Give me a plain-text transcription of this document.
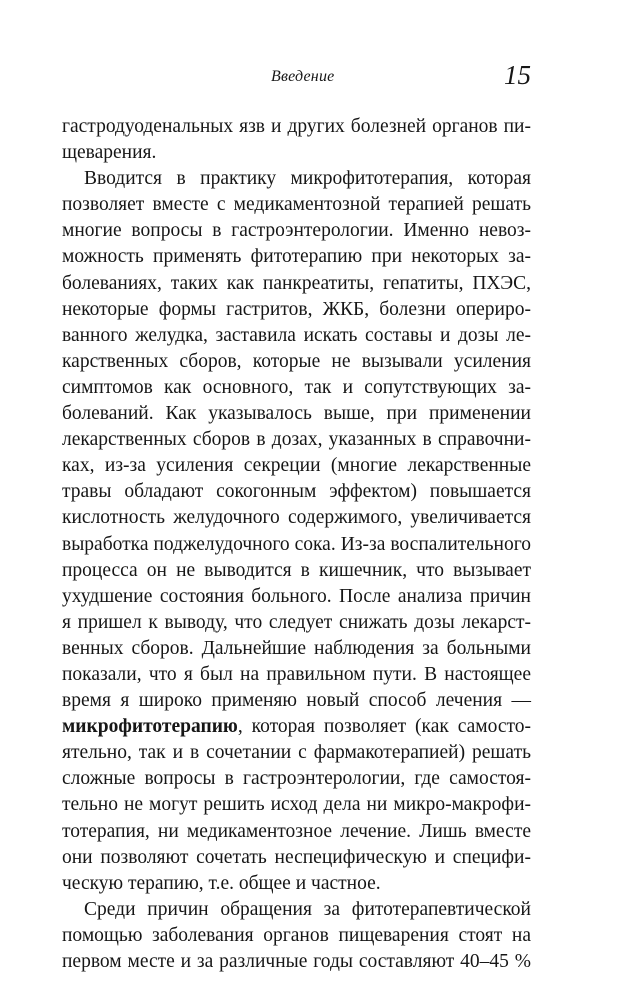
Введение	15

гастродуоденальных язв и других болезней органов пищеварения.

Вводится в практику микрофитотерапия, которая позволяет вместе с медикаментозной терапией решать многие вопросы в гастроэнтерологии. Именно невозможность применять фитотерапию при некоторых заболеваниях, таких как панкреатиты, гепатиты, ПХЭС, некоторые формы гастритов, ЖКБ, болезни оперированного желудка, заставила искать составы и дозы лекарственных сборов, которые не вызывали усиления симптомов как основного, так и сопутствующих заболеваний. Как указывалось выше, при применении лекарственных сборов в дозах, указанных в справочниках, из-за усиления секреции (многие лекарственные травы обладают сокогонным эффектом) повышается кислотность желудочного содержимого, увеличивается выработка поджелудочного сока. Из-за воспалительного процесса он не выводится в кишечник, что вызывает ухудшение состояния больного. После анализа причин я пришел к выводу, что следует снижать дозы лекарственных сборов. Дальнейшие наблюдения за больными показали, что я был на правильном пути. В настоящее время я широко применяю новый способ лечения — микрофитотерапию, которая позволяет (как самостоятельно, так и в сочетании с фармакотерапией) решать сложные вопросы в гастроэнтерологии, где самостоятельно не могут решить исход дела ни микро-макрофитотерапия, ни медикаментозное лечение. Лишь вместе они позволяют сочетать неспецифическую и специфическую терапию, т.е. общее и частное.

Среди причин обращения за фитотерапевтической помощью заболевания органов пищеварения стоят на первом месте и за различные годы составляют 40–45 %
